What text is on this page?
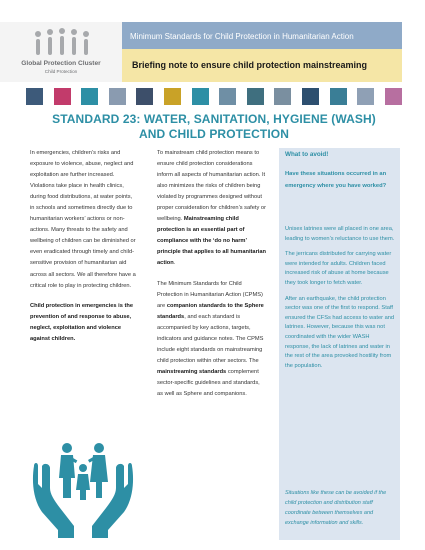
Global Protection Cluster
Child Protection
Minimum Standards for Child Protection in Humanitarian Action
Briefing note to ensure child protection mainstreaming
STANDARD 23: WATER, SANITATION, HYGIENE (WASH)
AND CHILD PROTECTION

In emergencies, children’s risks and exposure to violence, abuse, neglect and exploitation are further increased. Violations take place in health clinics, during food distributions, at water points, in schools and sometimes directly due to humanitarian workers’ actions or non-actions. Many threats to the safety and wellbeing of children can be diminished or even eradicated through timely and child-sensitive provision of humanitarian aid across all sectors. We all therefore have a critical role to play in protecting children.

Child protection in emergencies is the prevention of and response to abuse, neglect, exploitation and violence against children.

To mainstream child protection means to ensure child protection considerations inform all aspects of humanitarian action. It also minimizes the risks of children being violated by programmes designed without proper consideration for children’s safety or wellbeing. Mainstreaming child protection is an essential part of compliance with the ‘do no harm’ principle that applies to all humanitarian action.

The Minimum Standards for Child Protection in Humanitarian Action (CPMS) are companion standards to the Sphere standards, and each standard is accompanied by key actions, targets, indicators and guidance notes. The CPMS include eight standards on mainstreaming child protection within other sectors. The mainstreaming standards complement sector-specific guidelines and standards, as well as Sphere and companions.

What to avoid!
Have these situations occurred in an emergency where you have worked?

Unisex latrines were all placed in one area, leading to women’s reluctance to use them.

The jerricans distributed for carrying water were intended for adults. Children faced increased risk of abuse at home because they took longer to fetch water.

After an earthquake, the child protection sector was one of the first to respond. Staff ensured the CFSs had access to water and latrines. However, because this was not coordinated with the wider WASH response, the lack of latrines and water in the rest of the area provoked hostility from the population.

Situations like these can be avoided if the child protection and distribution staff coordinate between themselves and exchange information and skills.
